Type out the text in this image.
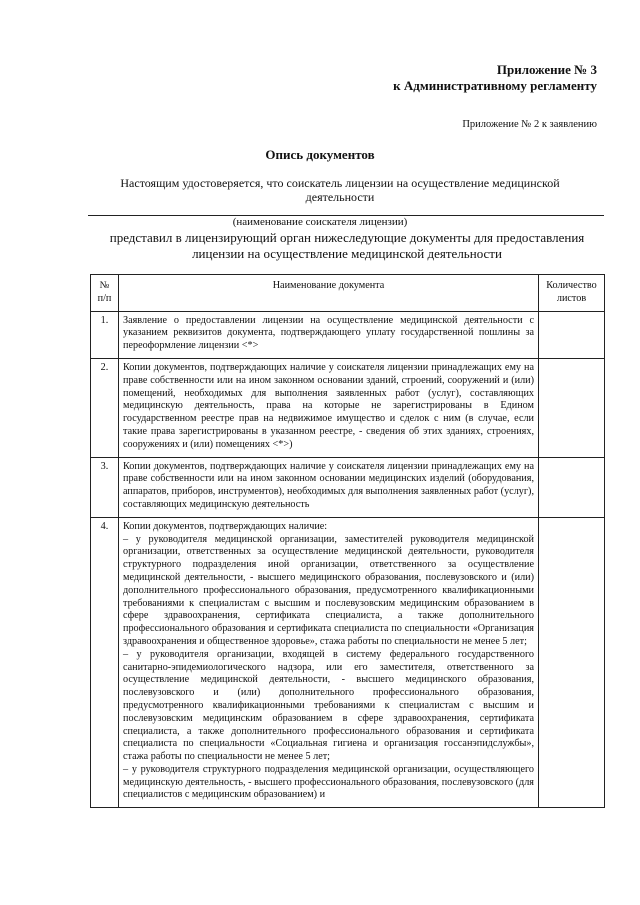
Приложение № 3
к Административному регламенту
Приложение № 2 к заявлению
Опись документов
Настоящим удостоверяется, что соискатель лицензии на осуществление медицинской деятельности
(наименование соискателя лицензии)
представил в лицензирующий орган нижеследующие документы для предоставления лицензии на осуществление медицинской деятельности
№ п/п	Наименование документа	Количество листов
1.	Заявление о предоставлении лицензии на осуществление медицинской деятельности с указанием реквизитов документа, подтверждающего уплату государственной пошлины за переоформление лицензии <*>	
2.	Копии документов, подтверждающих наличие у соискателя лицензии принадлежащих ему на праве собственности или на ином законном основании зданий, строений, сооружений и (или) помещений, необходимых для выполнения заявленных работ (услуг), составляющих медицинскую деятельность, права на которые не зарегистрированы в Едином государственном реестре прав на недвижимое имущество и сделок с ним (в случае, если такие права зарегистрированы в указанном реестре, - сведения об этих зданиях, строениях, сооружениях и (или) помещениях <*>)	
3.	Копии документов, подтверждающих наличие у соискателя лицензии принадлежащих ему на праве собственности или на ином законном основании медицинских изделий (оборудования, аппаратов, приборов, инструментов), необходимых для выполнения заявленных работ (услуг), составляющих медицинскую деятельность	
4.	Копии документов, подтверждающих наличие:
– у руководителя медицинской организации, заместителей руководителя медицинской организации, ответственных за осуществление медицинской деятельности, руководителя структурного подразделения иной организации, ответственного за осуществление медицинской деятельности, - высшего медицинского образования, послевузовского и (или) дополнительного профессионального образования, предусмотренного квалификационными требованиями к специалистам с высшим и послевузовским медицинским образованием в сфере здравоохранения, сертификата специалиста, а также дополнительного профессионального образования и сертификата специалиста по специальности «Организация здравоохранения и общественное здоровье», стажа работы по специальности не менее 5 лет;
– у руководителя организации, входящей в систему федерального государственного санитарно-эпидемиологического надзора, или его заместителя, ответственного за осуществление медицинской деятельности, - высшего медицинского образования, послевузовского и (или) дополнительного профессионального образования, предусмотренного квалификационными требованиями к специалистам с высшим и послевузовским медицинским образованием в сфере здравоохранения, сертификата специалиста, а также дополнительного профессионального образования и сертификата специалиста по специальности «Социальная гигиена и организация госсанэпидслужбы», стажа работы по специальности не менее 5 лет;
– у руководителя структурного подразделения медицинской организации, осуществляющего медицинскую деятельность, - высшего профессионального образования, послевузовского (для специалистов с медицинским образованием) и	
